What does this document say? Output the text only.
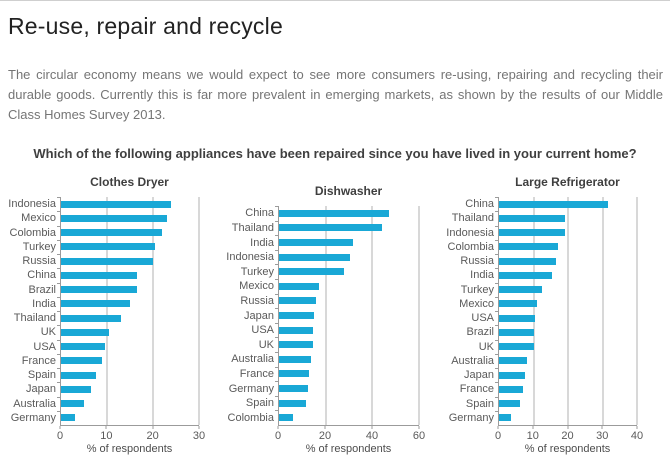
Re-use, repair and recycle

The circular economy means we would expect to see more consumers re-using, repairing and recycling their durable goods. Currently this is far more prevalent in emerging markets, as shown by the results of our Middle Class Homes Survey 2013.

Which of the following appliances have been repaired since you have lived in your current home?
Clothes Dryer
Indonesia
Mexico
Colombia
Turkey
Russia
China
Brazil
India
Thailand
UK
USA
France
Spain
Japan
Australia
Germany
0	10	20	30
% of respondents
Dishwasher
China
Thailand
India
Indonesia
Turkey
Mexico
Russia
Japan
USA
UK
Australia
France
Germany
Spain
Colombia
0	20	40	60
% of respondents
Large Refrigerator
China
Thailand
Indonesia
Colombia
Russia
India
Turkey
Mexico
USA
Brazil
UK
Australia
Japan
France
Spain
Germany
0 10 20 30 40
% of respondents
